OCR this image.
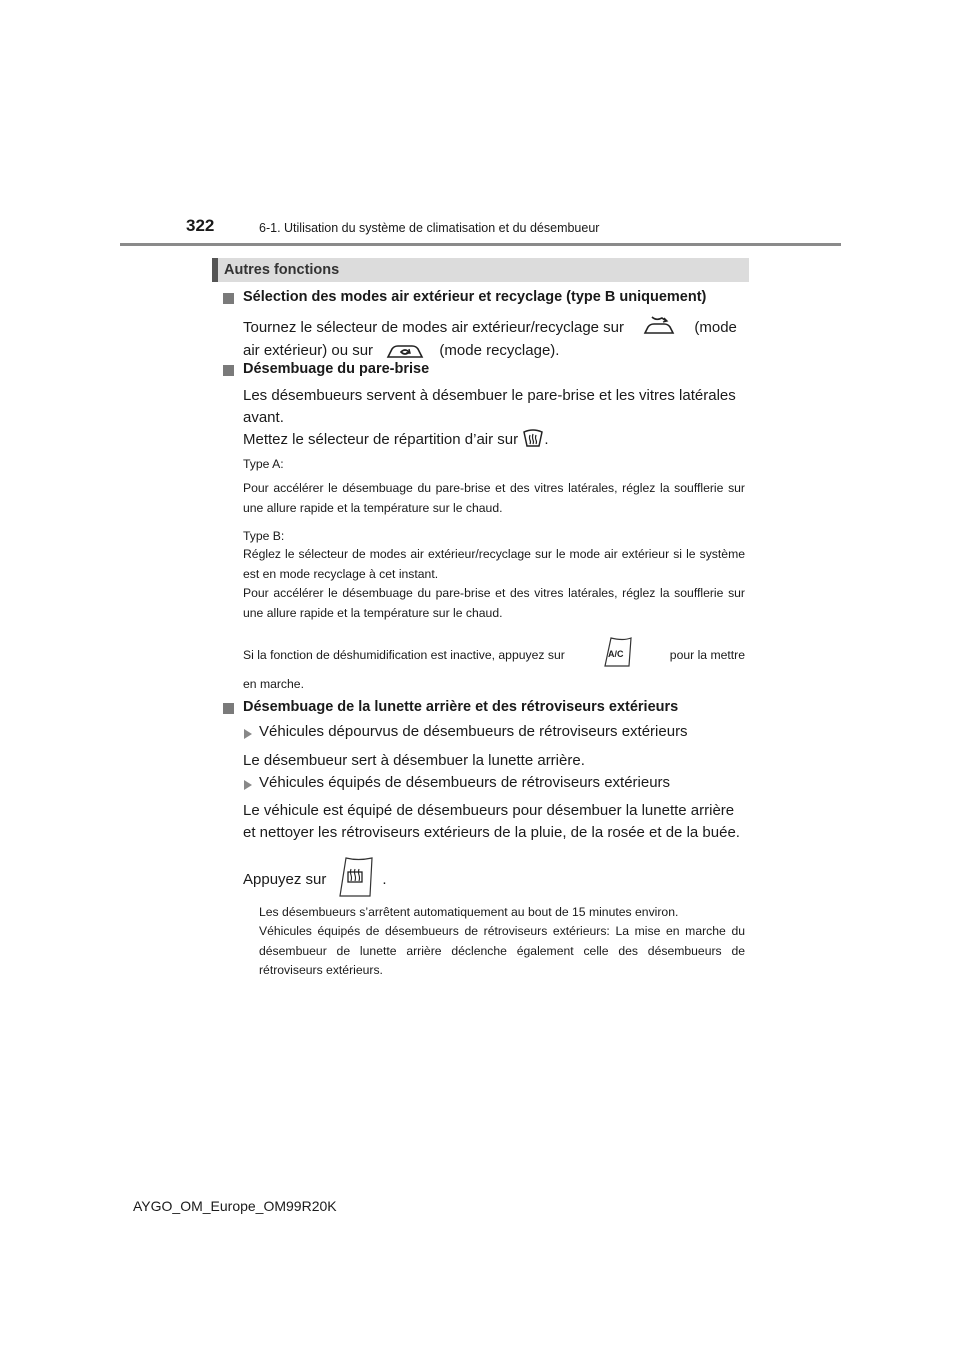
322	6-1. Utilisation du système de climatisation et du désembueur
Autres fonctions
Sélection des modes air extérieur et recyclage (type B uniquement)
Tournez le sélecteur de modes air extérieur/recyclage sur	(mode
air extérieur) ou sur	(mode recyclage).
Désembuage du pare-brise
Les désembueurs servent à désembuer le pare-brise et les vitres latérales
avant.
Mettez le sélecteur de répartition d’air sur .
Type A:
Pour accélérer le désembuage du pare-brise et des vitres latérales, réglez la soufflerie sur une allure rapide et la température sur le chaud.
Type B:
Réglez le sélecteur de modes air extérieur/recyclage sur le mode air extérieur si le système est en mode recyclage à cet instant.
Pour accélérer le désembuage du pare-brise et des vitres latérales, réglez la soufflerie sur une allure rapide et la température sur le chaud.
Si la fonction de déshumidification est inactive, appuyez sur	A/C	pour la mettre
en marche.
Désembuage de la lunette arrière et des rétroviseurs extérieurs
Véhicules dépourvus de désembueurs de rétroviseurs extérieurs
Le désembueur sert à désembuer la lunette arrière.
Véhicules équipés de désembueurs de rétroviseurs extérieurs
Le véhicule est équipé de désembueurs pour désembuer la lunette arrière
et nettoyer les rétroviseurs extérieurs de la pluie, de la rosée et de la buée.
Appuyez sur	.
Les désembueurs s’arrêtent automatiquement au bout de 15 minutes environ.
Véhicules équipés de désembueurs de rétroviseurs extérieurs: La mise en marche du désembueur de lunette arrière déclenche également celle des désembueurs de rétroviseurs extérieurs.
AYGO_OM_Europe_OM99R20K
